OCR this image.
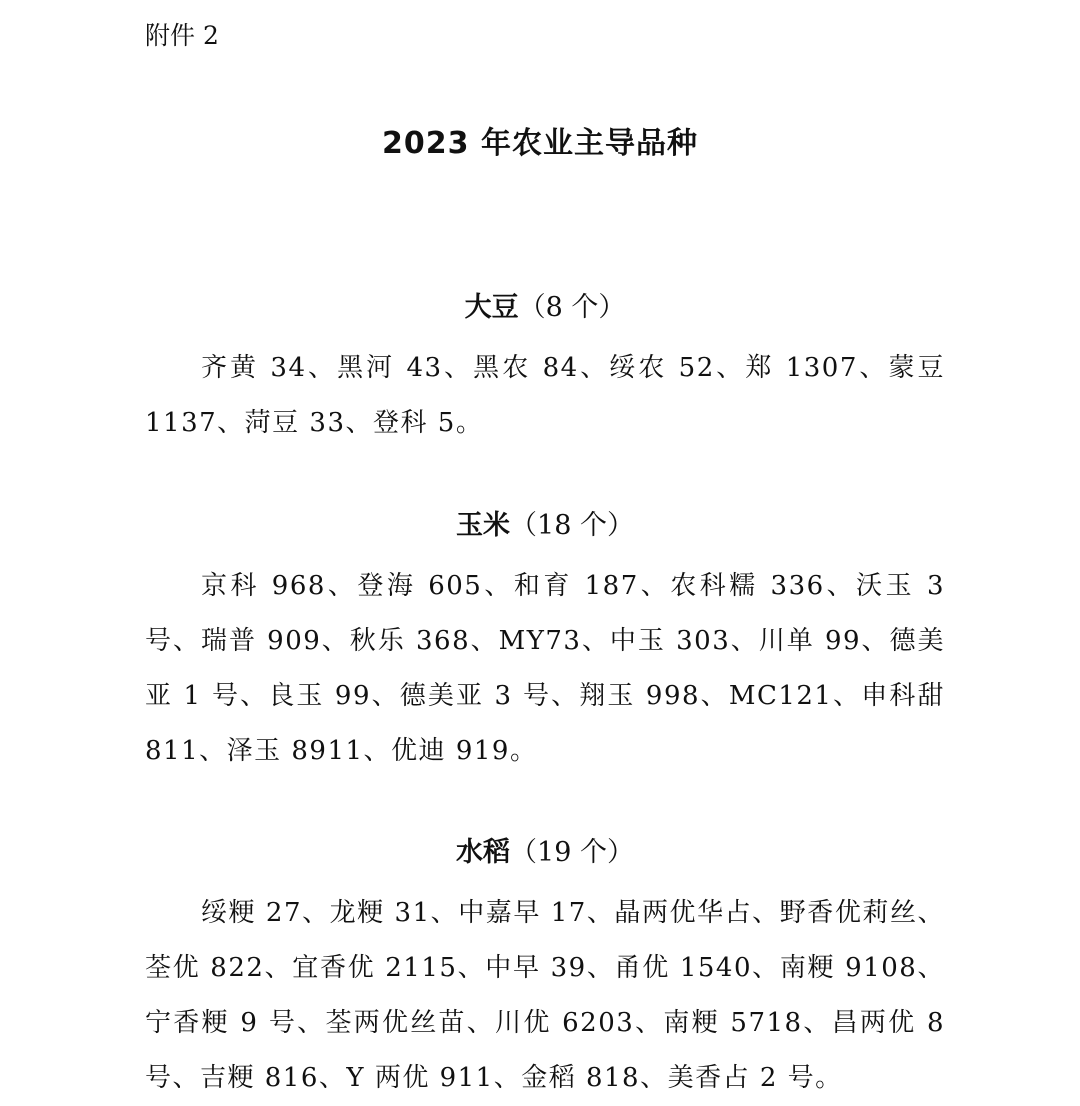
附件 2

2023 年农业主导品种
大豆（8 个）

齐黄 34、黑河 43、黑农 84、绥农 52、郑 1307、蒙豆 1137、菏豆 33、登科 5。

玉米（18 个）

京科 968、登海 605、和育 187、农科糯 336、沃玉 3 号、瑞普 909、秋乐 368、MY73、中玉 303、川单 99、德美亚 1 号、良玉 99、德美亚 3 号、翔玉 998、MC121、申科甜 811、泽玉 8911、优迪 919。

水稻（19 个）

绥粳 27、龙粳 31、中嘉早 17、晶两优华占、野香优莉丝、荃优 822、宜香优 2115、中早 39、甬优 1540、南粳 9108、宁香粳 9 号、荃两优丝苗、川优 6203、南粳 5718、昌两优 8 号、吉粳 816、Y 两优 911、金稻 818、美香占 2 号。
